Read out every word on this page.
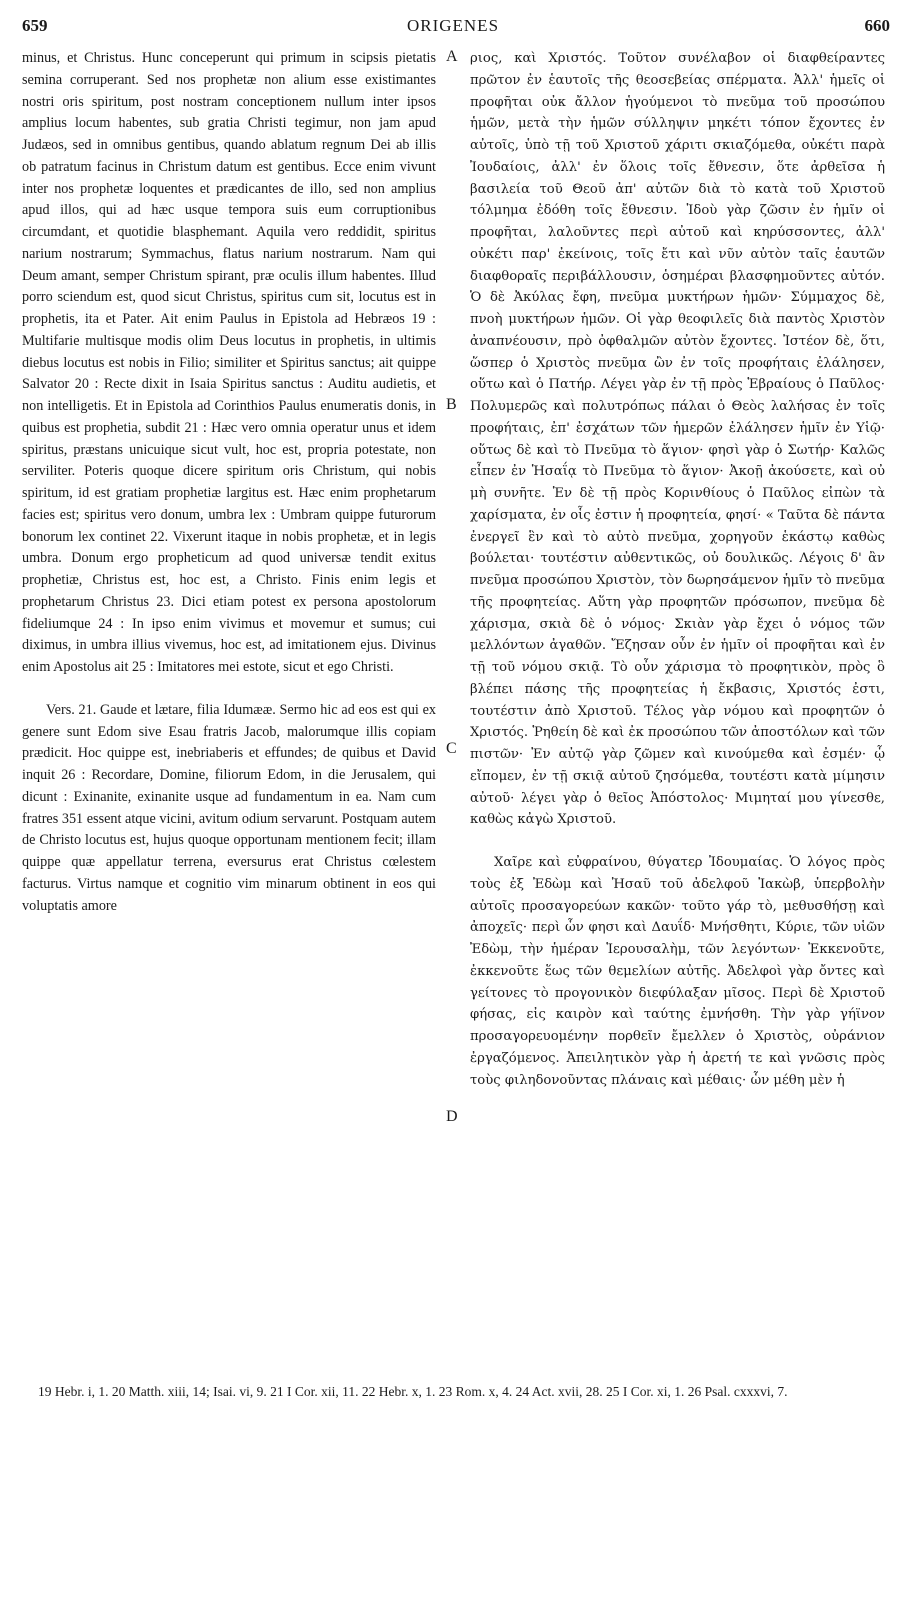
659	ORIGENES	660

minus, et Christus. Hunc conceperunt qui primum in scipsis pietatis semina corruperant. Sed nos prophetæ non alium esse existimantes nostri oris spiritum, post nostram conceptionem nullum inter ipsos amplius locum habentes, sub gratia Christi tegimur, non jam apud Judæos, sed in omnibus gentibus, quando ablatum regnum Dei ab illis ob patratum facinus in Christum datum est gentibus. Ecce enim vivunt inter nos prophetæ loquentes et prædicantes de illo, sed non amplius apud illos, qui ad hæc usque tempora suis eum corruptionibus circumdant, et quotidie blasphemant. Aquila vero reddidit, spiritus narium nostrarum; Symmachus, flatus narium nostrarum. Nam qui Deum amant, semper Christum spirant, præ oculis illum habentes. Illud porro sciendum est, quod sicut Christus, spiritus cum sit, locutus est in prophetis, ita et Pater. Ait enim Paulus in Epistola ad Hebræos 19 : Multifarie multisque modis olim Deus locutus in prophetis, in ultimis diebus locutus est nobis in Filio; similiter et Spiritus sanctus; ait quippe Salvator 20 : Recte dixit in Isaia Spiritus sanctus : Auditu audietis, et non intelligetis. Et in Epistola ad Corinthios Paulus enumeratis donis, in quibus est prophetia, subdit 21 : Hæc vero omnia operatur unus et idem spiritus, præstans unicuique sicut vult, hoc est, propria potestate, non serviliter. Poteris quoque dicere spiritum oris Christum, qui nobis spiritum, id est gratiam prophetiæ largitus est. Hæc enim prophetarum facies est; spiritus vero donum, umbra lex : Umbram quippe futurorum bonorum lex continet 22. Vixerunt itaque in nobis prophetæ, et in legis umbra. Donum ergo propheticum ad quod universæ tendit exitus prophetiæ, Christus est, hoc est, a Christo. Finis enim legis et prophetarum Christus 23. Dici etiam potest ex persona apostolorum fideliumque 24 : In ipso enim vivimus et movemur et sumus; cui diximus, in umbra illius vivemus, hoc est, ad imitationem ejus. Divinus enim Apostolus ait 25 : Imitatores mei estote, sicut et ego Christi.

Vers. 21. Gaude et lætare, filia Idumææ. Sermo hic ad eos est qui ex genere sunt Edom sive Esau fratris Jacob, malorumque illis copiam prædicit. Hoc quippe est, inebriaberis et effundes; de quibus et David inquit 26 : Recordare, Domine, filiorum Edom, in die Jerusalem, qui dicunt : Exinanite, exinanite usque ad fundamentum in ea. Nam cum fratres 351 essent atque vicini, avitum odium servarunt. Postquam autem de Christo locutus est, hujus quoque opportunam mentionem fecit; illam quippe quæ appellatur terrena, eversurus erat Christus cœlestem facturus. Virtus namque et cognitio vim minarum obtinent in eos qui voluptatis amore

A
B
C
D

ριος, καὶ Χριστός. Τοῦτον συνέλαβον οἱ διαφθείραντες πρῶτον ἐν ἑαυτοῖς τῆς θεοσεβείας σπέρματα. Ἀλλ' ἡμεῖς οἱ προφῆται οὐκ ἄλλον ἡγούμενοι τὸ πνεῦμα τοῦ προσώπου ἡμῶν, μετὰ τὴν ἡμῶν σύλληψιν μηκέτι τόπον ἔχοντες ἐν αὐτοῖς, ὑπὸ τῇ τοῦ Χριστοῦ χάριτι σκιαζόμεθα, οὐκέτι παρὰ Ἰουδαίοις, ἀλλ' ἐν ὅλοις τοῖς ἔθνεσιν, ὅτε ἀρθεῖσα ἡ βασιλεία τοῦ Θεοῦ ἀπ' αὐτῶν διὰ τὸ κατὰ τοῦ Χριστοῦ τόλμημα ἐδόθη τοῖς ἔθνεσιν. Ἰδοὺ γὰρ ζῶσιν ἐν ἡμῖν οἱ προφῆται, λαλοῦντες περὶ αὐτοῦ καὶ κηρύσσοντες, ἀλλ' οὐκέτι παρ' ἐκείνοις, τοῖς ἔτι καὶ νῦν αὐτὸν ταῖς ἑαυτῶν διαφθοραῖς περιβάλλουσιν, ὁσημέραι βλασφημοῦντες αὐτόν. Ὁ δὲ Ἀκύλας ἔφη, πνεῦμα μυκτήρων ἡμῶν· Σύμμαχος δὲ, πνοὴ μυκτήρων ἡμῶν. Οἱ γὰρ θεοφιλεῖς διὰ παντὸς Χριστὸν ἀναπνέουσιν, πρὸ ὀφθαλμῶν αὐτὸν ἔχοντες. Ἰστέον δὲ, ὅτι, ὥσπερ ὁ Χριστὸς πνεῦμα ὢν ἐν τοῖς προφήταις ἐλάλησεν, οὕτω καὶ ὁ Πατήρ. Λέγει γὰρ ἐν τῇ πρὸς Ἑβραίους ὁ Παῦλος· Πολυμερῶς καὶ πολυτρόπως πάλαι ὁ Θεὸς λαλήσας ἐν τοῖς προφήταις, ἐπ' ἐσχάτων τῶν ἡμερῶν ἐλάλησεν ἡμῖν ἐν Υἱῷ· οὕτως δὲ καὶ τὸ Πνεῦμα τὸ ἅγιον· φησὶ γὰρ ὁ Σωτήρ· Καλῶς εἶπεν ἐν Ἡσαΐᾳ τὸ Πνεῦμα τὸ ἅγιον· Ἀκοῇ ἀκούσετε, καὶ οὐ μὴ συνῆτε. Ἐν δὲ τῇ πρὸς Κορινθίους ὁ Παῦλος εἰπὼν τὰ χαρίσματα, ἐν οἷς ἐστιν ἡ προφητεία, φησί· « Ταῦτα δὲ πάντα ἐνεργεῖ ἓν καὶ τὸ αὐτὸ πνεῦμα, χορηγοῦν ἑκάστῳ καθὼς βούλεται· τουτέστιν αὐθεντικῶς, οὐ δουλικῶς. Λέγοις δ' ἂν πνεῦμα προσώπου Χριστὸν, τὸν δωρησάμενον ἡμῖν τὸ πνεῦμα τῆς προφητείας. Αὕτη γὰρ προφητῶν πρόσωπον, πνεῦμα δὲ χάρισμα, σκιὰ δὲ ὁ νόμος· Σκιὰν γὰρ ἔχει ὁ νόμος τῶν μελλόντων ἀγαθῶν. Ἔζησαν οὖν ἐν ἡμῖν οἱ προφῆται καὶ ἐν τῇ τοῦ νόμου σκιᾷ. Τὸ οὖν χάρισμα τὸ προφητικὸν, πρὸς ὃ βλέπει πάσης τῆς προφητείας ἡ ἔκβασις, Χριστός ἐστι, τουτέστιν ἀπὸ Χριστοῦ. Τέλος γὰρ νόμου καὶ προφητῶν ὁ Χριστός. Ῥηθείη δὲ καὶ ἐκ προσώπου τῶν ἀποστόλων καὶ τῶν πιστῶν· Ἐν αὐτῷ γὰρ ζῶμεν καὶ κινούμεθα καὶ ἐσμέν· ᾧ εἴπομεν, ἐν τῇ σκιᾷ αὐτοῦ ζησόμεθα, τουτέστι κατὰ μίμησιν αὐτοῦ· λέγει γὰρ ὁ θεῖος Ἀπόστολος· Μιμηταί μου γίνεσθε, καθὼς κἀγὼ Χριστοῦ.

Χαῖρε καὶ εὐφραίνου, θύγατερ Ἰδουμαίας. Ὁ λόγος πρὸς τοὺς ἐξ Ἐδὼμ καὶ Ἠσαῦ τοῦ ἀδελφοῦ Ἰακὼβ, ὑπερβολὴν αὐτοῖς προσαγορεύων κακῶν· τοῦτο γάρ τὸ, μεθυσθήσῃ καὶ ἀποχεῖς· περὶ ὧν φησι καὶ Δαυΐδ· Μνήσθητι, Κύριε, τῶν υἱῶν Ἐδὼμ, τὴν ἡμέραν Ἱερουσαλὴμ, τῶν λεγόντων· Ἐκκενοῦτε, ἐκκενοῦτε ἕως τῶν θεμελίων αὐτῆς. Ἀδελφοὶ γὰρ ὄντες καὶ γείτονες τὸ προγονικὸν διεφύλαξαν μῖσος. Περὶ δὲ Χριστοῦ φήσας, εἰς καιρὸν καὶ ταύτης ἐμνήσθη. Τὴν γὰρ γήϊνον προσαγορευομένην πορθεῖν ἔμελλεν ὁ Χριστὸς, οὐράνιον ἐργαζόμενος. Ἀπειλητικὸν γὰρ ἡ ἀρετή τε καὶ γνῶσις πρὸς τοὺς φιληδονοῦντας πλάναις καὶ μέθαις· ὧν μέθη μὲν ἡ

19 Hebr. i, 1. 20 Matth. xiii, 14; Isai. vi, 9. 21 I Cor. xii, 11. 22 Hebr. x, 1. 23 Rom. x, 4. 24 Act. xvii, 28. 25 I Cor. xi, 1. 26 Psal. cxxxvi, 7.
